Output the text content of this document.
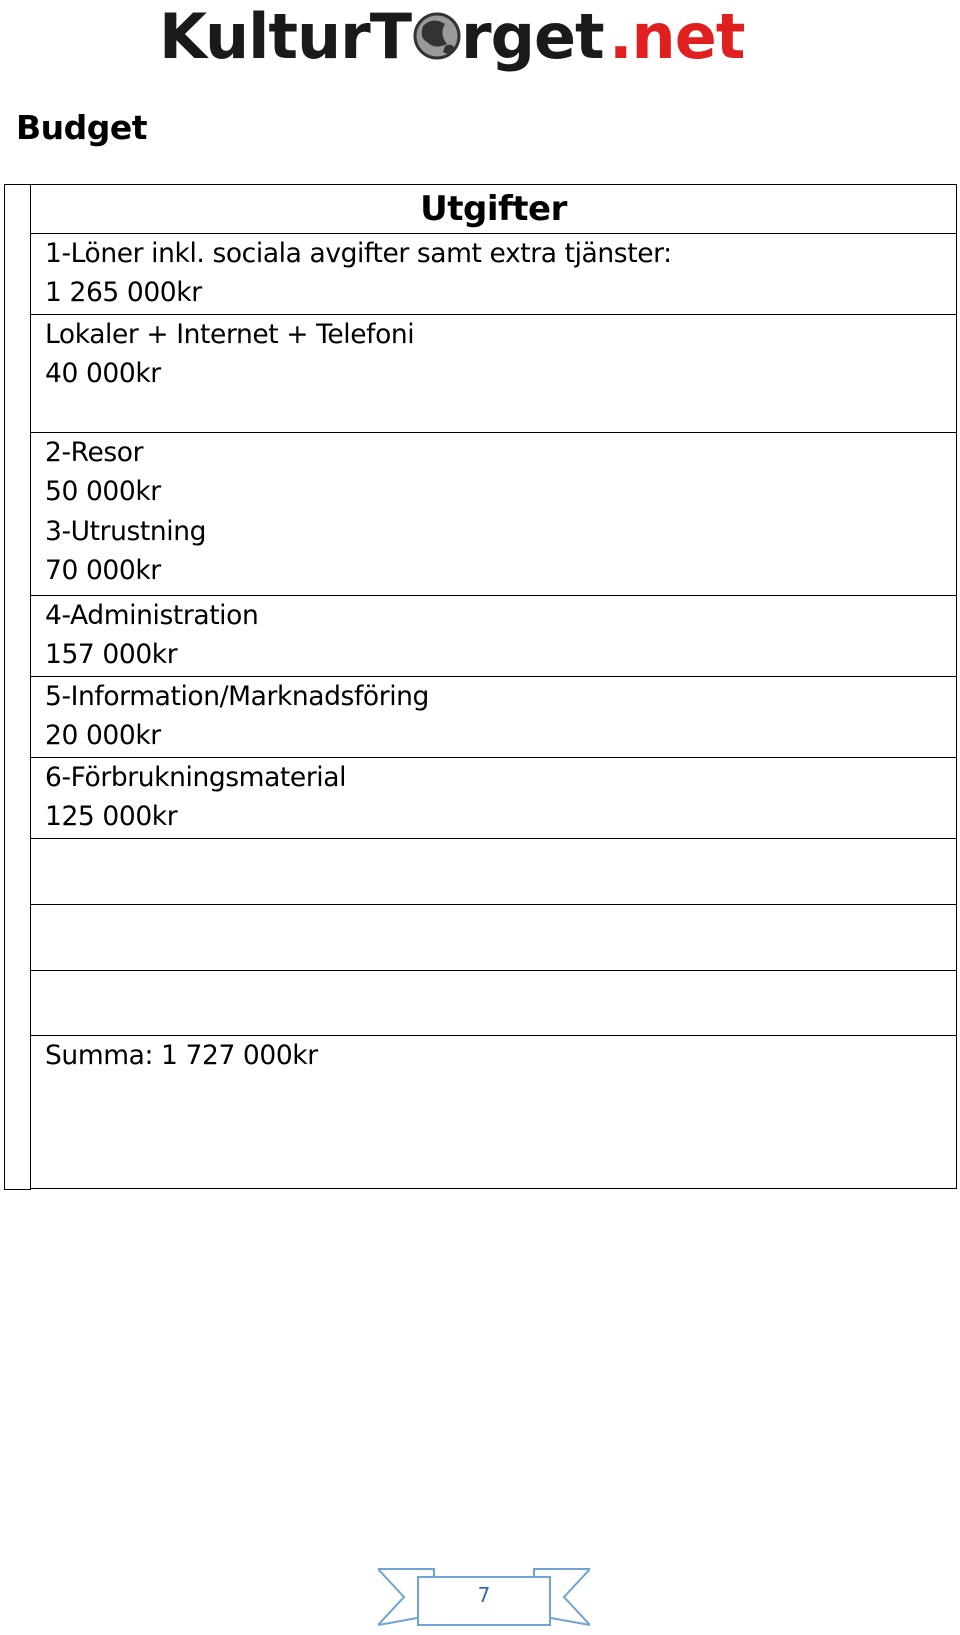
KulturT rget .net
Budget
Utgifter
1-Löner inkl. sociala avgifter samt extra tjänster:
1 265 000kr
Lokaler + Internet + Telefoni
40 000kr
2-Resor
50 000kr
3-Utrustning
70 000kr
4-Administration
157 000kr
5-Information/Marknadsföring
20 000kr
6-Förbrukningsmaterial
125 000kr
Summa: 1 727 000kr
7
